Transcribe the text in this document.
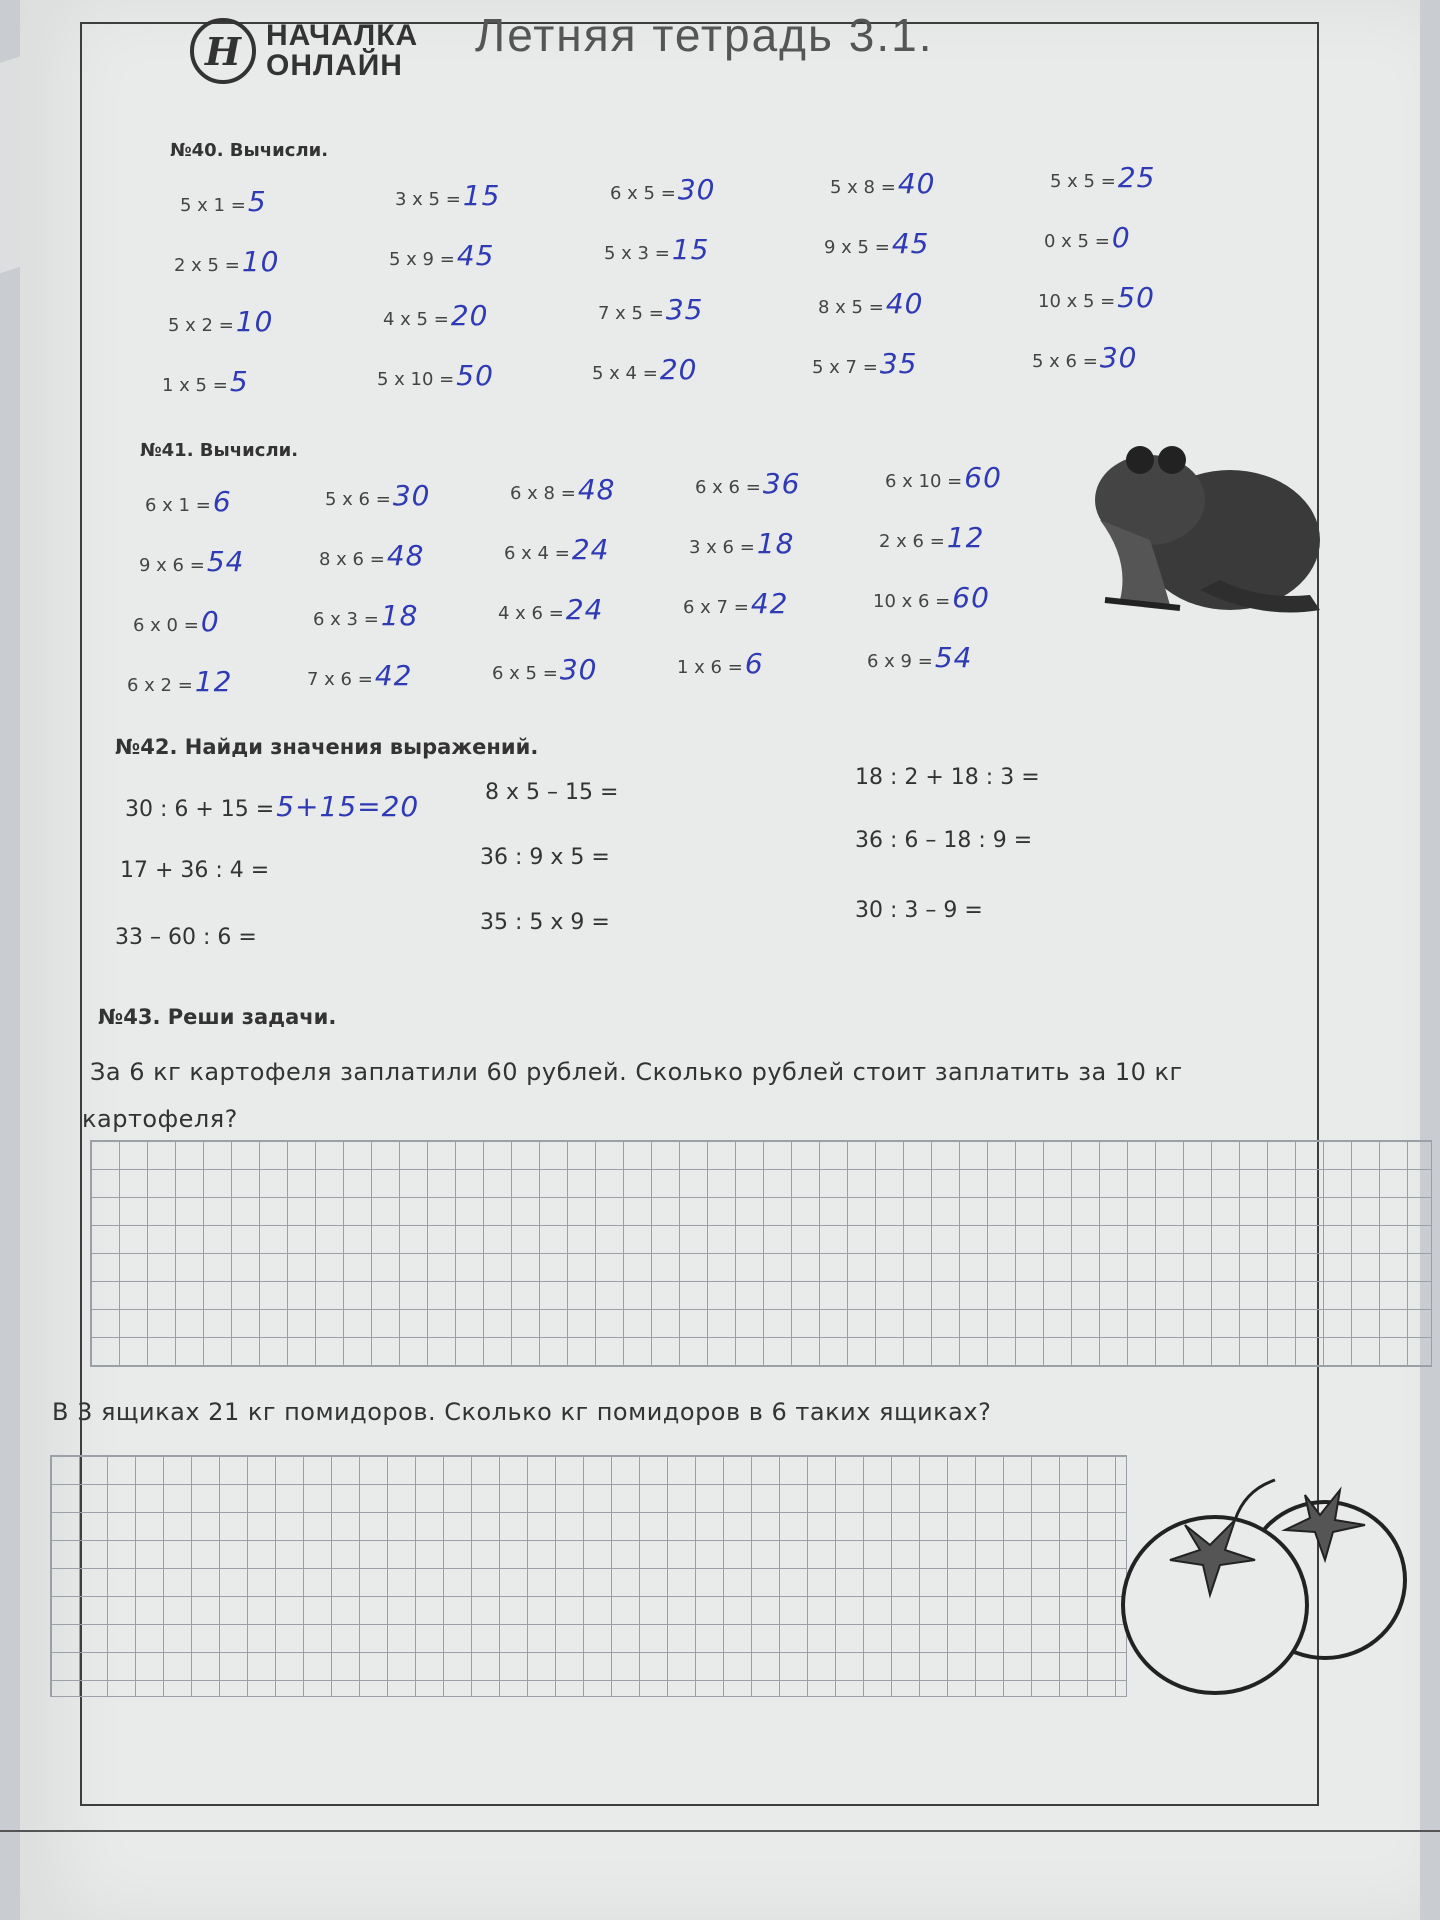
Н НАЧАЛКА
ОНЛАЙН
Летняя тетрадь 3.1.
№40. Вычисли.
5 x 1 = 5	3 x 5 = 15	6 x 5 = 30	5 x 8 = 40	5 x 5 = 25
2 x 5 = 10	5 x 9 = 45	5 x 3 = 15	9 x 5 = 45	0 x 5 = 0
5 x 2 = 10	4 x 5 = 20	7 x 5 = 35	8 x 5 = 40	10 x 5 = 50
1 x 5 = 5	5 x 10 = 50	5 x 4 = 20	5 x 7 = 35	5 x 6 = 30
№41. Вычисли.
6 x 1 = 6	5 x 6 = 30	6 x 8 = 48	6 x 6 = 36	6 x 10 = 60
9 x 6 = 54	8 x 6 = 48	6 x 4 = 24	3 x 6 = 18	2 x 6 = 12
6 x 0 = 0	6 x 3 = 18	4 x 6 = 24	6 x 7 = 42	10 x 6 = 60
6 x 2 = 12	7 x 6 = 42	6 x 5 = 30	1 x 6 = 6	6 x 9 = 54
№42. Найди значения выражений.
30 : 6 + 15 = 5+15=20
17 + 36 : 4 =
33 – 60 : 6 =
8 x 5 – 15 =
36 : 9 x 5 =
35 : 5 x 9 =
18 : 2 + 18 : 3 =
36 : 6 – 18 : 9 =
30 : 3 – 9 =
№43. Реши задачи.
За 6 кг картофеля заплатили 60 рублей. Сколько рублей стоит заплатить за 10 кг
картофеля?
В 3 ящиках 21 кг помидоров. Сколько кг помидоров в 6 таких ящиках?
